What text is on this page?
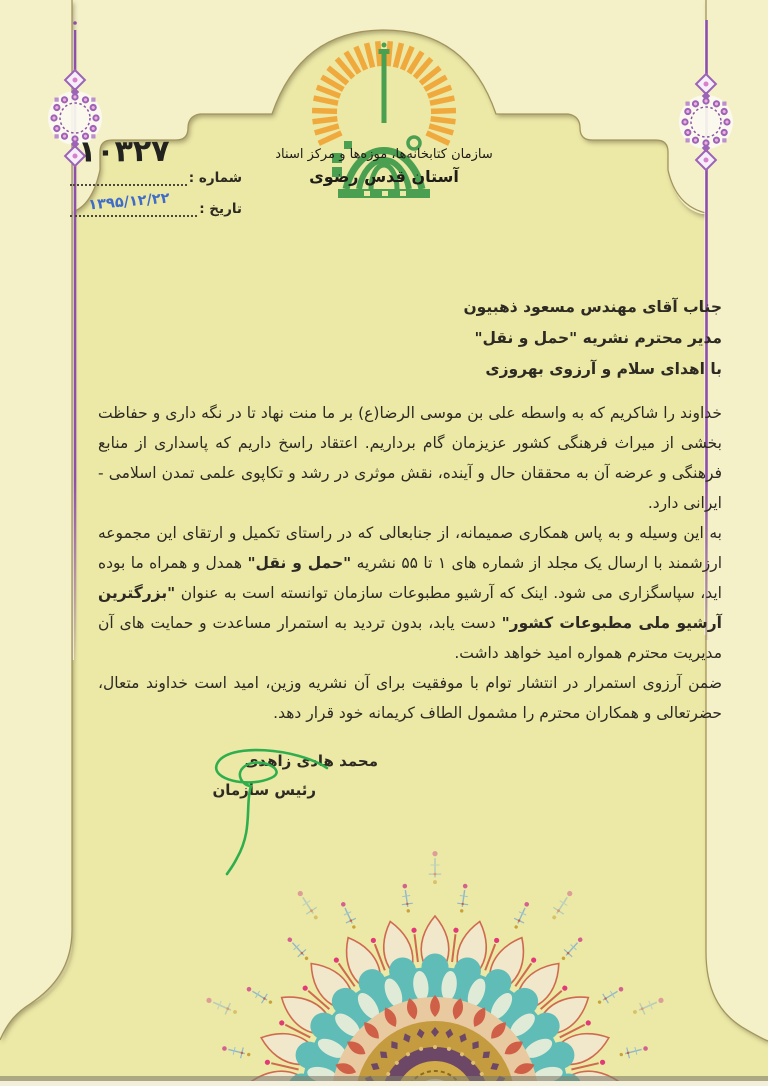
سازمان کتابخانه‌ها، موزه‌ها و مرکز اسناد
آستان قدس رضوی
۱۰۳۲۷
شماره :
تاریخ :
۱۳۹۵/۱۲/۲۲
جناب آقای مهندس مسعود ذهبیون
مدیر محترم نشریه "حمل و نقل"
با اهدای سلام و آرزوی بهروزی

خداوند را شاکریم که به واسطه علی بن موسی الرضا(ع) بر ما منت نهاد تا در نگه داری و حفاظت بخشی از میراث فرهنگی کشور عزیزمان گام برداریم. اعتقاد راسخ داریم که پاسداری از منابع فرهنگی و عرضه آن به محققان حال و آینده، نقش موثری در رشد و تکاپوی علمی تمدن اسلامی - ایرانی دارد.

به این وسیله و به پاس همکاری صمیمانه، از جنابعالی که در راستای تکمیل و ارتقای این مجموعه ارزشمند با ارسال یک مجلد از شماره های ۱ تا ۵۵ نشریه "حمل و نقل" همدل و همراه ما بوده اید، سپاسگزاری می شود. اینک که آرشیو مطبوعات سازمان توانسته است به عنوان "بزرگترین آرشیو ملی مطبوعات کشور" دست یابد، بدون تردید به استمرار مساعدت و حمایت های آن مدیریت محترم همواره امید خواهد داشت.

ضمن آرزوی استمرار در انتشار توام با موفقیت برای آن نشریه وزین، امید است خداوند متعال، حضرتعالی و همکاران محترم را مشمول الطاف کریمانه خود قرار دهد.

محمد هادی زاهدی
رئیس سازمان
